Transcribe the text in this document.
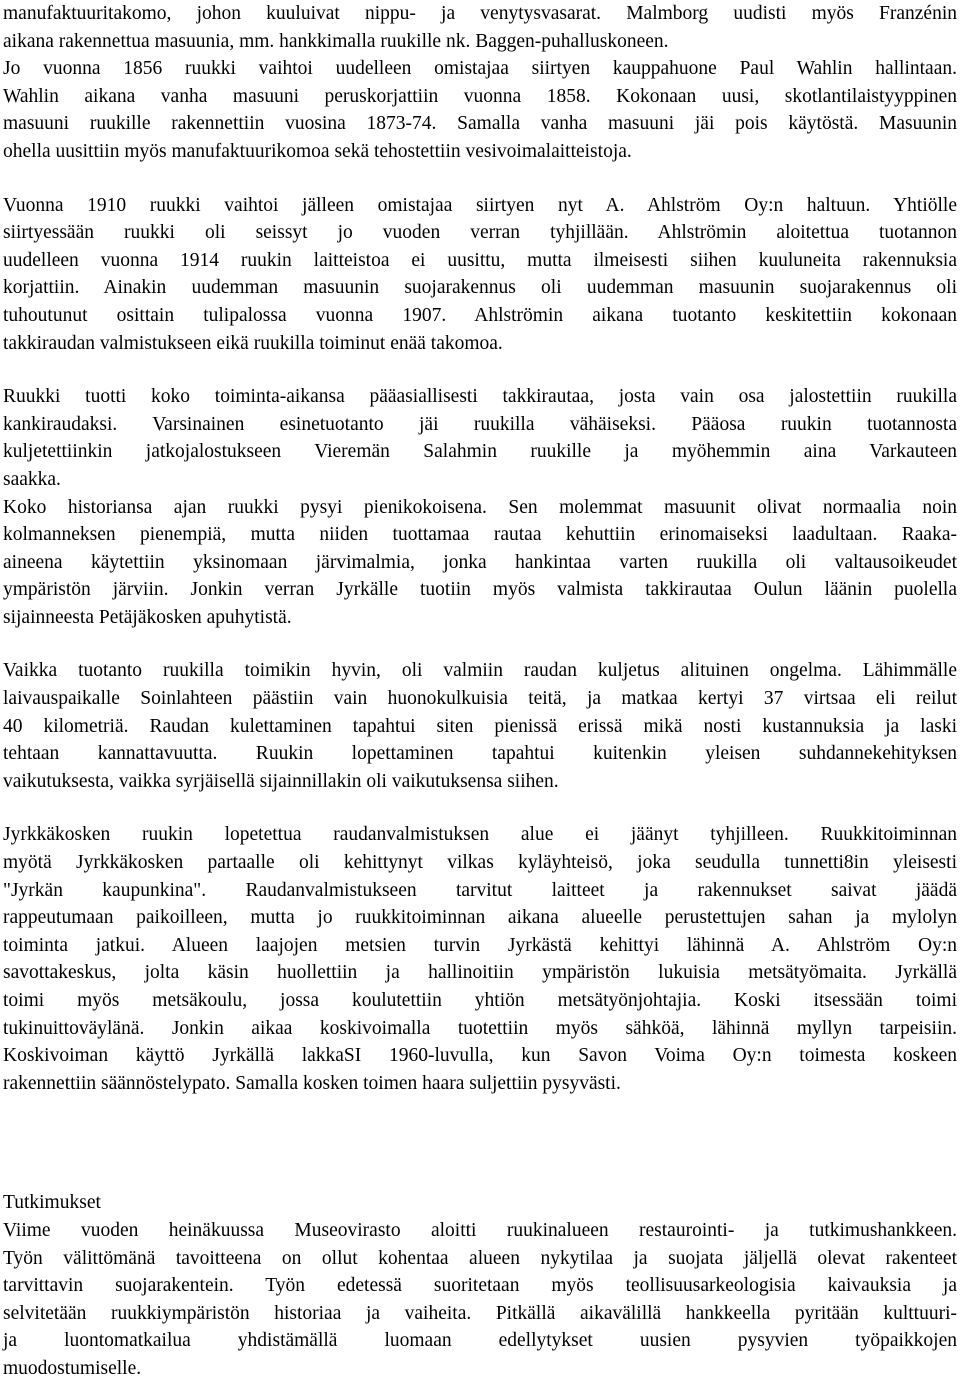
manufaktuuritakomo, johon kuuluivat nippu- ja venytysvasarat. Malmborg uudisti myös Franzénin
aikana rakennettua masuunia, mm. hankkimalla ruukille nk. Baggen-puhalluskoneen.
Jo vuonna 1856 ruukki vaihtoi uudelleen omistajaa siirtyen kauppahuone Paul Wahlin hallintaan.
Wahlin aikana vanha masuuni peruskorjattiin vuonna 1858. Kokonaan uusi, skotlantilaistyyppinen
masuuni ruukille rakennettiin vuosina 1873-74. Samalla vanha masuuni jäi pois käytöstä. Masuunin
ohella uusittiin myös manufaktuurikomoa sekä tehostettiin vesivoimalaitteistoja.
Vuonna 1910 ruukki vaihtoi jälleen omistajaa siirtyen nyt A. Ahlström Oy:n haltuun. Yhtiölle
siirtyessään ruukki oli seissyt jo vuoden verran tyhjillään. Ahlströmin aloitettua tuotannon
uudelleen vuonna 1914 ruukin laitteistoa ei uusittu, mutta ilmeisesti siihen kuuluneita rakennuksia
korjattiin. Ainakin uudemman masuunin suojarakennus oli uudemman masuunin suojarakennus oli
tuhoutunut osittain tulipalossa vuonna 1907. Ahlströmin aikana tuotanto keskitettiin kokonaan
takkiraudan valmistukseen eikä ruukilla toiminut enää takomoa.
Ruukki tuotti koko toiminta-aikansa pääasiallisesti takkirautaa, josta vain osa jalostettiin ruukilla
kankiraudaksi. Varsinainen esinetuotanto jäi ruukilla vähäiseksi. Pääosa ruukin tuotannosta
kuljetettiinkin jatkojalostukseen Vieremän Salahmin ruukille ja myöhemmin aina Varkauteen
saakka.
Koko historiansa ajan ruukki pysyi pienikokoisena. Sen molemmat masuunit olivat normaalia noin
kolmanneksen pienempiä, mutta niiden tuottamaa rautaa kehuttiin erinomaiseksi laadultaan. Raaka-
aineena käytettiin yksinomaan järvimalmia, jonka hankintaa varten ruukilla oli valtausoikeudet
ympäristön järviin. Jonkin verran Jyrkälle tuotiin myös valmista takkirautaa Oulun läänin puolella
sijainneesta Petäjäkosken apuhytistä.
Vaikka tuotanto ruukilla toimikin hyvin, oli valmiin raudan kuljetus alituinen ongelma. Lähimmälle
laivauspaikalle Soinlahteen päästiin vain huonokulkuisia teitä, ja matkaa kertyi 37 virtsaa eli reilut
40 kilometriä. Raudan kulettaminen tapahtui siten pienissä erissä mikä nosti kustannuksia ja laski
tehtaan kannattavuutta. Ruukin lopettaminen tapahtui kuitenkin yleisen suhdannekehityksen
vaikutuksesta, vaikka syrjäisellä sijainnillakin oli vaikutuksensa siihen.
Jyrkkäkosken ruukin lopetettua raudanvalmistuksen alue ei jäänyt tyhjilleen. Ruukkitoiminnan
myötä Jyrkkäkosken partaalle oli kehittynyt vilkas kyläyhteisö, joka seudulla tunnetti8in yleisesti
"Jyrkän kaupunkina". Raudanvalmistukseen tarvitut laitteet ja rakennukset saivat jäädä
rappeutumaan paikoilleen, mutta jo ruukkitoiminnan aikana alueelle perustettujen sahan ja mylolyn
toiminta jatkui. Alueen laajojen metsien turvin Jyrkästä kehittyi lähinnä A. Ahlström Oy:n
savottakeskus, jolta käsin huollettiin ja hallinoitiin ympäristön lukuisia metsätyömaita. Jyrkällä
toimi myös metsäkoulu, jossa koulutettiin yhtiön metsätyönjohtajia. Koski itsessään toimi
tukinuittoväylänä. Jonkin aikaa koskivoimalla tuotettiin myös sähköä, lähinnä myllyn tarpeisiin.
Koskivoiman käyttö Jyrkällä lakkaSI 1960-luvulla, kun Savon Voima Oy:n toimesta koskeen
rakennettiin säännöstelypato. Samalla kosken toimen haara suljettiin pysyvästi.
Tutkimukset
Viime vuoden heinäkuussa Museovirasto aloitti ruukinalueen restaurointi- ja tutkimushankkeen.
Työn välittömänä tavoitteena on ollut kohentaa alueen nykytilaa ja suojata jäljellä olevat rakenteet
tarvittavin suojarakentein. Työn edetessä suoritetaan myös teollisuusarkeologisia kaivauksia ja
selvitetään ruukkiympäristön historiaa ja vaiheita. Pitkällä aikavälillä hankkeella pyritään kulttuuri-
ja luontomatkailua yhdistämällä luomaan edellytykset uusien pysyvien työpaikkojen
muodostumiselle.
